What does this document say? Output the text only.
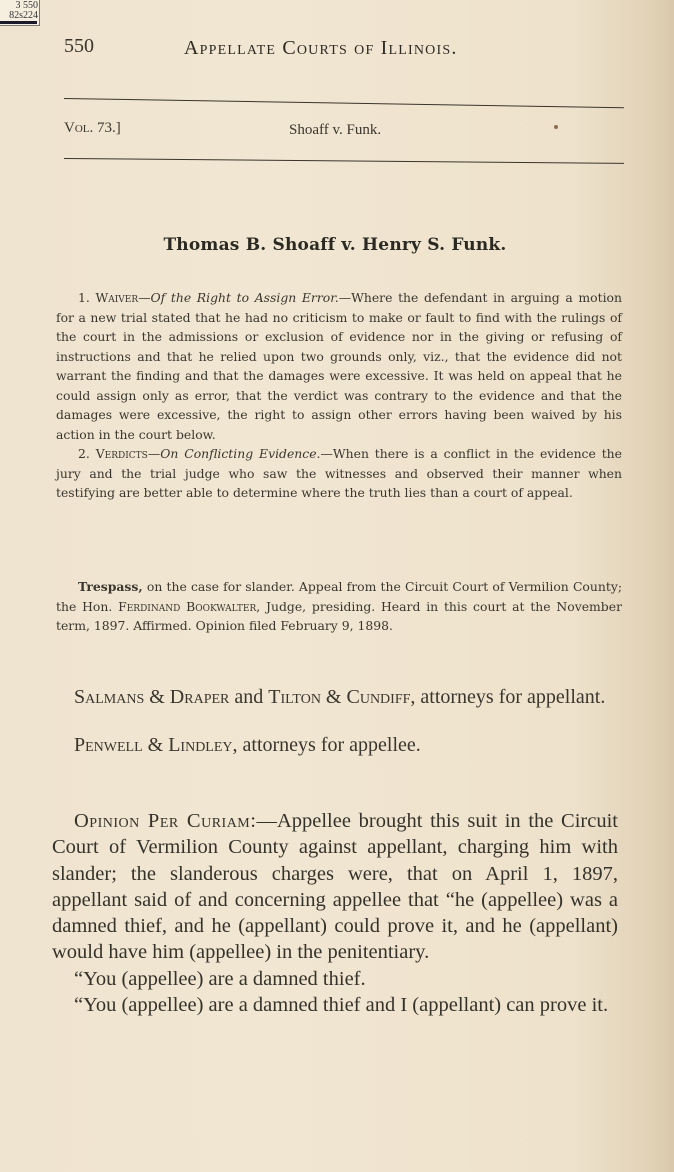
3 550
82s224
550	Appellate Courts of Illinois.
Vol. 73.]	Shoaff v. Funk.
Thomas B. Shoaff v. Henry S. Funk.

1. Waiver—Of the Right to Assign Error.—Where the defendant in arguing a motion for a new trial stated that he had no criticism to make or fault to find with the rulings of the court in the admissions or exclusion of evidence nor in the giving or refusing of instructions and that he relied upon two grounds only, viz., that the evidence did not warrant the finding and that the damages were excessive. It was held on appeal that he could assign only as error, that the verdict was contrary to the evidence and that the damages were excessive, the right to assign other errors having been waived by his action in the court below.

2. Verdicts—On Conflicting Evidence.—When there is a conflict in the evidence the jury and the trial judge who saw the witnesses and observed their manner when testifying are better able to determine where the truth lies than a court of appeal.

Trespass, on the case for slander. Appeal from the Circuit Court of Vermilion County; the Hon. Ferdinand Bookwalter, Judge, presiding. Heard in this court at the November term, 1897. Affirmed. Opinion filed February 9, 1898.

Salmans & Draper and Tilton & Cundiff, attorneys for appellant.

Penwell & Lindley, attorneys for appellee.

Opinion Per Curiam:—Appellee brought this suit in the Circuit Court of Vermilion County against appellant, charging him with slander; the slanderous charges were, that on April 1, 1897, appellant said of and concerning appellee that “he (appellee) was a damned thief, and he (appellant) could prove it, and he (appellant) would have him (appellee) in the penitentiary.

“You (appellee) are a damned thief.

“You (appellee) are a damned thief and I (appellant) can prove it.
